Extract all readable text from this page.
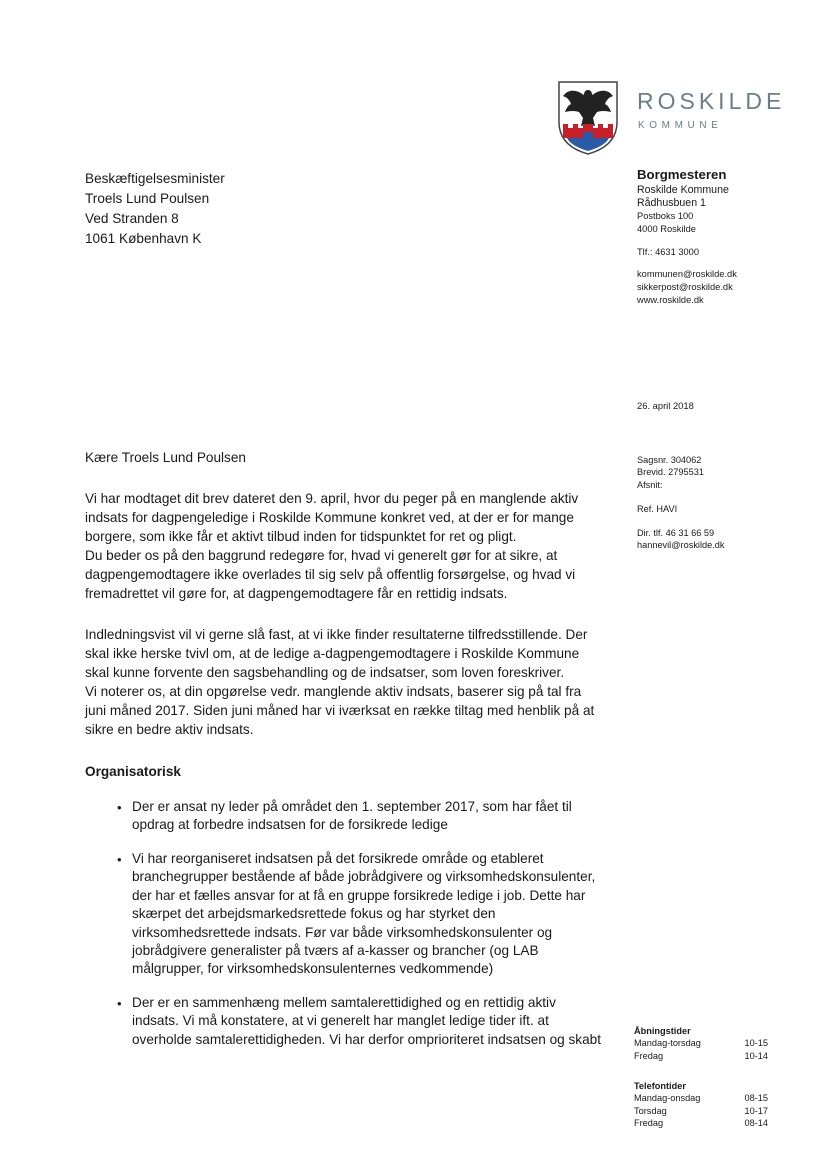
ROSKILDE
KOMMUNE
Beskæftigelsesminister
Troels Lund Poulsen
Ved Stranden 8
1061 København K
Borgmesteren
Roskilde Kommune
Rådhusbuen 1
Postboks 100
4000 Roskilde
Tlf.: 4631 3000
kommunen@roskilde.dk
sikkerpost@roskilde.dk
www.roskilde.dk
26. april 2018
Sagsnr. 304062
Brevid. 2795531
Afsnit:
Ref. HAVI
Dir. tlf. 46 31 66 59
hannevil@roskilde.dk
Kære Troels Lund Poulsen
Vi har modtaget dit brev dateret den 9. april, hvor du peger på en manglende aktiv
indsats for dagpengeledige i Roskilde Kommune konkret ved, at der er for mange
borgere, som ikke får et aktivt tilbud inden for tidspunktet for ret og pligt.
Du beder os på den baggrund redegøre for, hvad vi generelt gør for at sikre, at
dagpengemodtagere ikke overlades til sig selv på offentlig forsørgelse, og hvad vi
fremadrettet vil gøre for, at dagpengemodtagere får en rettidig indsats.
Indledningsvist vil vi gerne slå fast, at vi ikke finder resultaterne tilfredsstillende. Der
skal ikke herske tvivl om, at de ledige a-dagpengemodtagere i Roskilde Kommune
skal kunne forvente den sagsbehandling og de indsatser, som loven foreskriver.
Vi noterer os, at din opgørelse vedr. manglende aktiv indsats, baserer sig på tal fra
juni måned 2017. Siden juni måned har vi iværksat en række tiltag med henblik på at
sikre en bedre aktiv indsats.
Organisatorisk
• Der er ansat ny leder på området den 1. september 2017, som har fået til
opdrag at forbedre indsatsen for de forsikrede ledige
• Vi har reorganiseret indsatsen på det forsikrede område og etableret
branchegrupper bestående af både jobrådgivere og virksomhedskonsulenter,
der har et fælles ansvar for at få en gruppe forsikrede ledige i job. Dette har
skærpet det arbejdsmarkedsrettede fokus og har styrket den
virksomhedsrettede indsats. Før var både virksomhedskonsulenter og
jobrådgivere generalister på tværs af a-kasser og brancher (og LAB
målgrupper, for virksomhedskonsulenternes vedkommende)
• Der er en sammenhæng mellem samtalerettidighed og en rettidig aktiv
indsats. Vi må konstatere, at vi generelt har manglet ledige tider ift. at
overholde samtalerettidigheden. Vi har derfor omprioriteret indsatsen og skabt
Åbningstider
Mandag-torsdag	10-15
Fredag	10-14
Telefontider
Mandag-onsdag	08-15
Torsdag	10-17
Fredag	08-14
